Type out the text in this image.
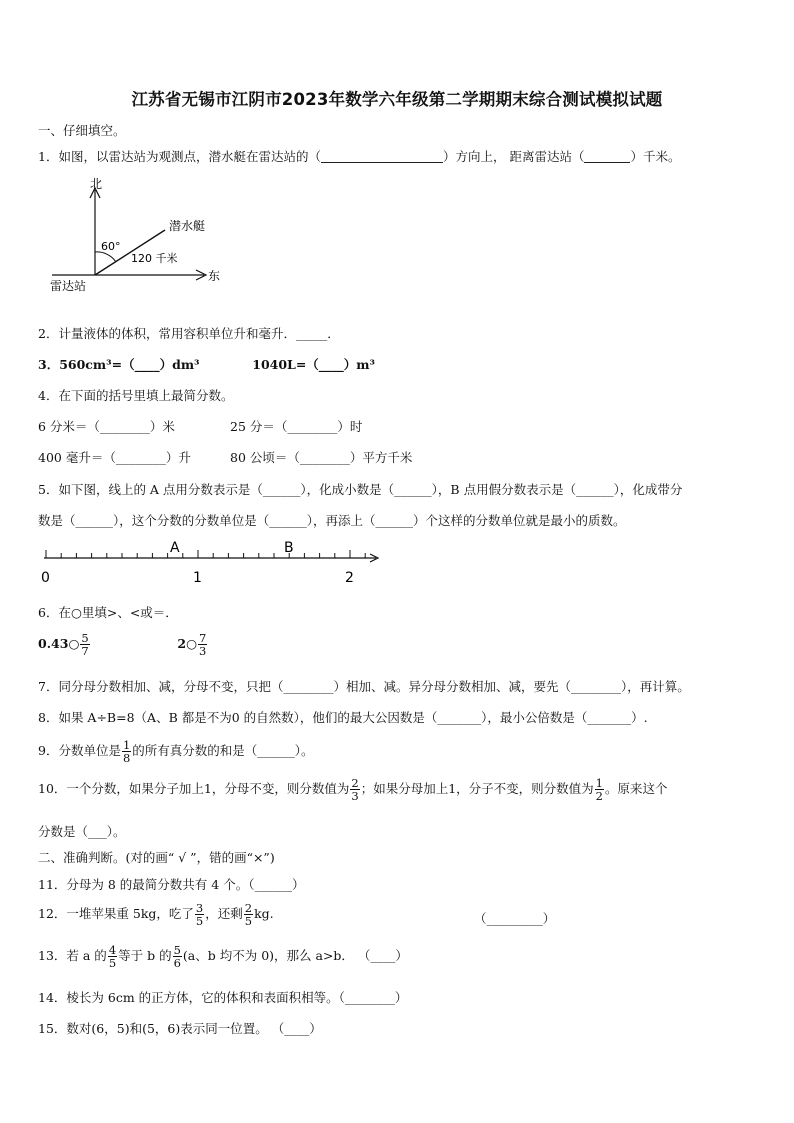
江苏省无锡市江阴市2023年数学六年级第二学期期末综合测试模拟试题
一、仔细填空。
1．如图，以雷达站为观测点，潜水艇在雷达站的（	）方向上， 距离雷达站（	）千米。
北
东
潜水艇
60°
120 千米
雷达站
2．计量液体的体积，常用容积单位升和毫升．_____．
3．560cm³=（____）dm³	1040L=（____）m³
4．在下面的括号里填上最简分数。
6 分米＝（________）米	25 分＝（________）时
400 毫升＝（________）升	80 公顷＝（________）平方千米
5．如下图，线上的 A 点用分数表示是（______），化成小数是（______），B 点用假分数表示是（______），化成带分
数是（______），这个分数的分数单位是（______），再添上（______）个这样的分数单位就是最小的质数。
A	B
0	1	2
6．在○里填>、<或＝．
0.43○ $\frac{5}{7}$	2○ $\frac{7}{3}$
7．同分母分数相加、减，分母不变，只把（________）相加、减。异分母分数相加、减，要先（________），再计算。
8．如果 A÷B=8（A、B 都是不为0 的自然数），他们的最大公因数是（_______），最小公倍数是（_______）.
9．分数单位是 $\frac{1}{8}$ 的所有真分数的和是（______）。
10．一个分数，如果分子加上1，分母不变，则分数值为 $\frac{2}{3}$ ；如果分母加上1，分子不变，则分数值为 $\frac{1}{2}$ 。原来这个
分数是（___）。
二、准确判断。(对的画“ √ ”，错的画“×”)
11．分母为 8 的最简分数共有 4 个。（______）
12．一堆苹果重 5kg，吃了 $\frac{3}{5}$ ，还剩 $\frac{2}{5}$ kg.	（_________）
13．若 a 的 $\frac{4}{5}$ 等于 b 的 $\frac{5}{6} (a$、b 均不为 0)，那么 a>b． （____）
14．棱长为 6cm 的正方体，它的体积和表面积相等。（________）
15．数对(6，5)和(5，6)表示同一位置。 （____）
